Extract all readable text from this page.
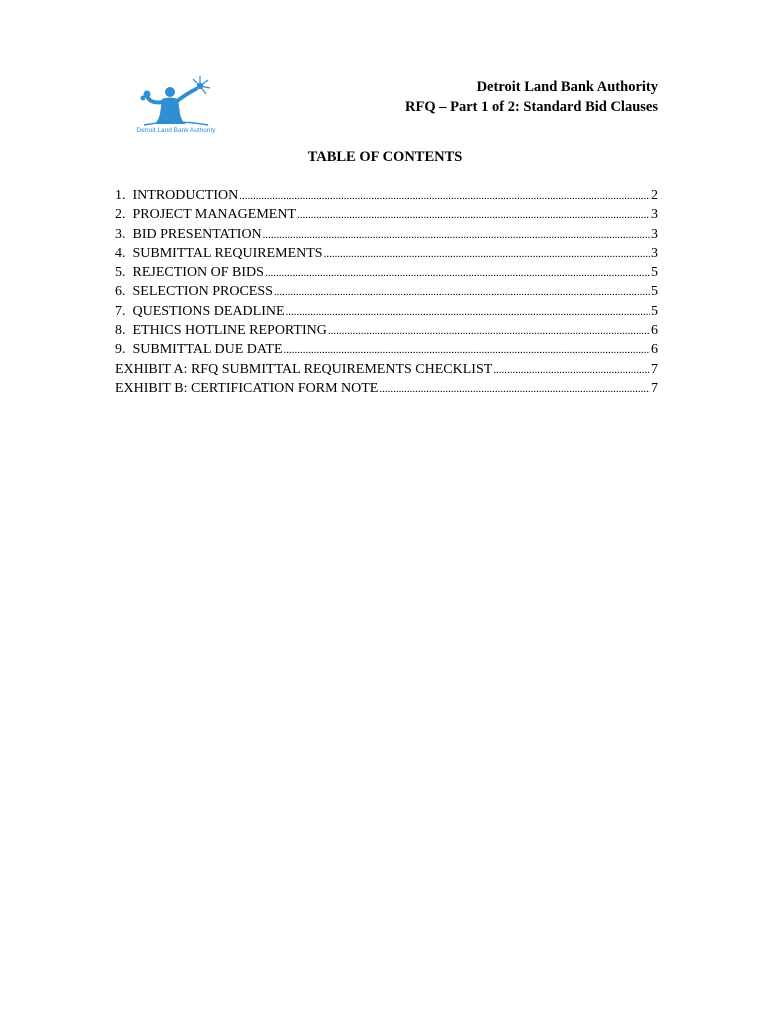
Detroit Land Bank Authority
Detroit Land Bank Authority
RFQ – Part 1 of 2: Standard Bid Clauses
TABLE OF CONTENTS
1.  INTRODUCTION .....	2
2.  PROJECT MANAGEMENT .....	3
3.  BID PRESENTATION .....	3
4.  SUBMITTAL REQUIREMENTS .....	3
5.  REJECTION OF BIDS .....	5
6.  SELECTION PROCESS .....	5
7.  QUESTIONS DEADLINE .....	5
8.  ETHICS HOTLINE REPORTING .....	6
9.  SUBMITTAL DUE DATE .....	6
EXHIBIT A: RFQ SUBMITTAL REQUIREMENTS CHECKLIST .....	7
EXHIBIT B: CERTIFICATION FORM NOTE .....	7
